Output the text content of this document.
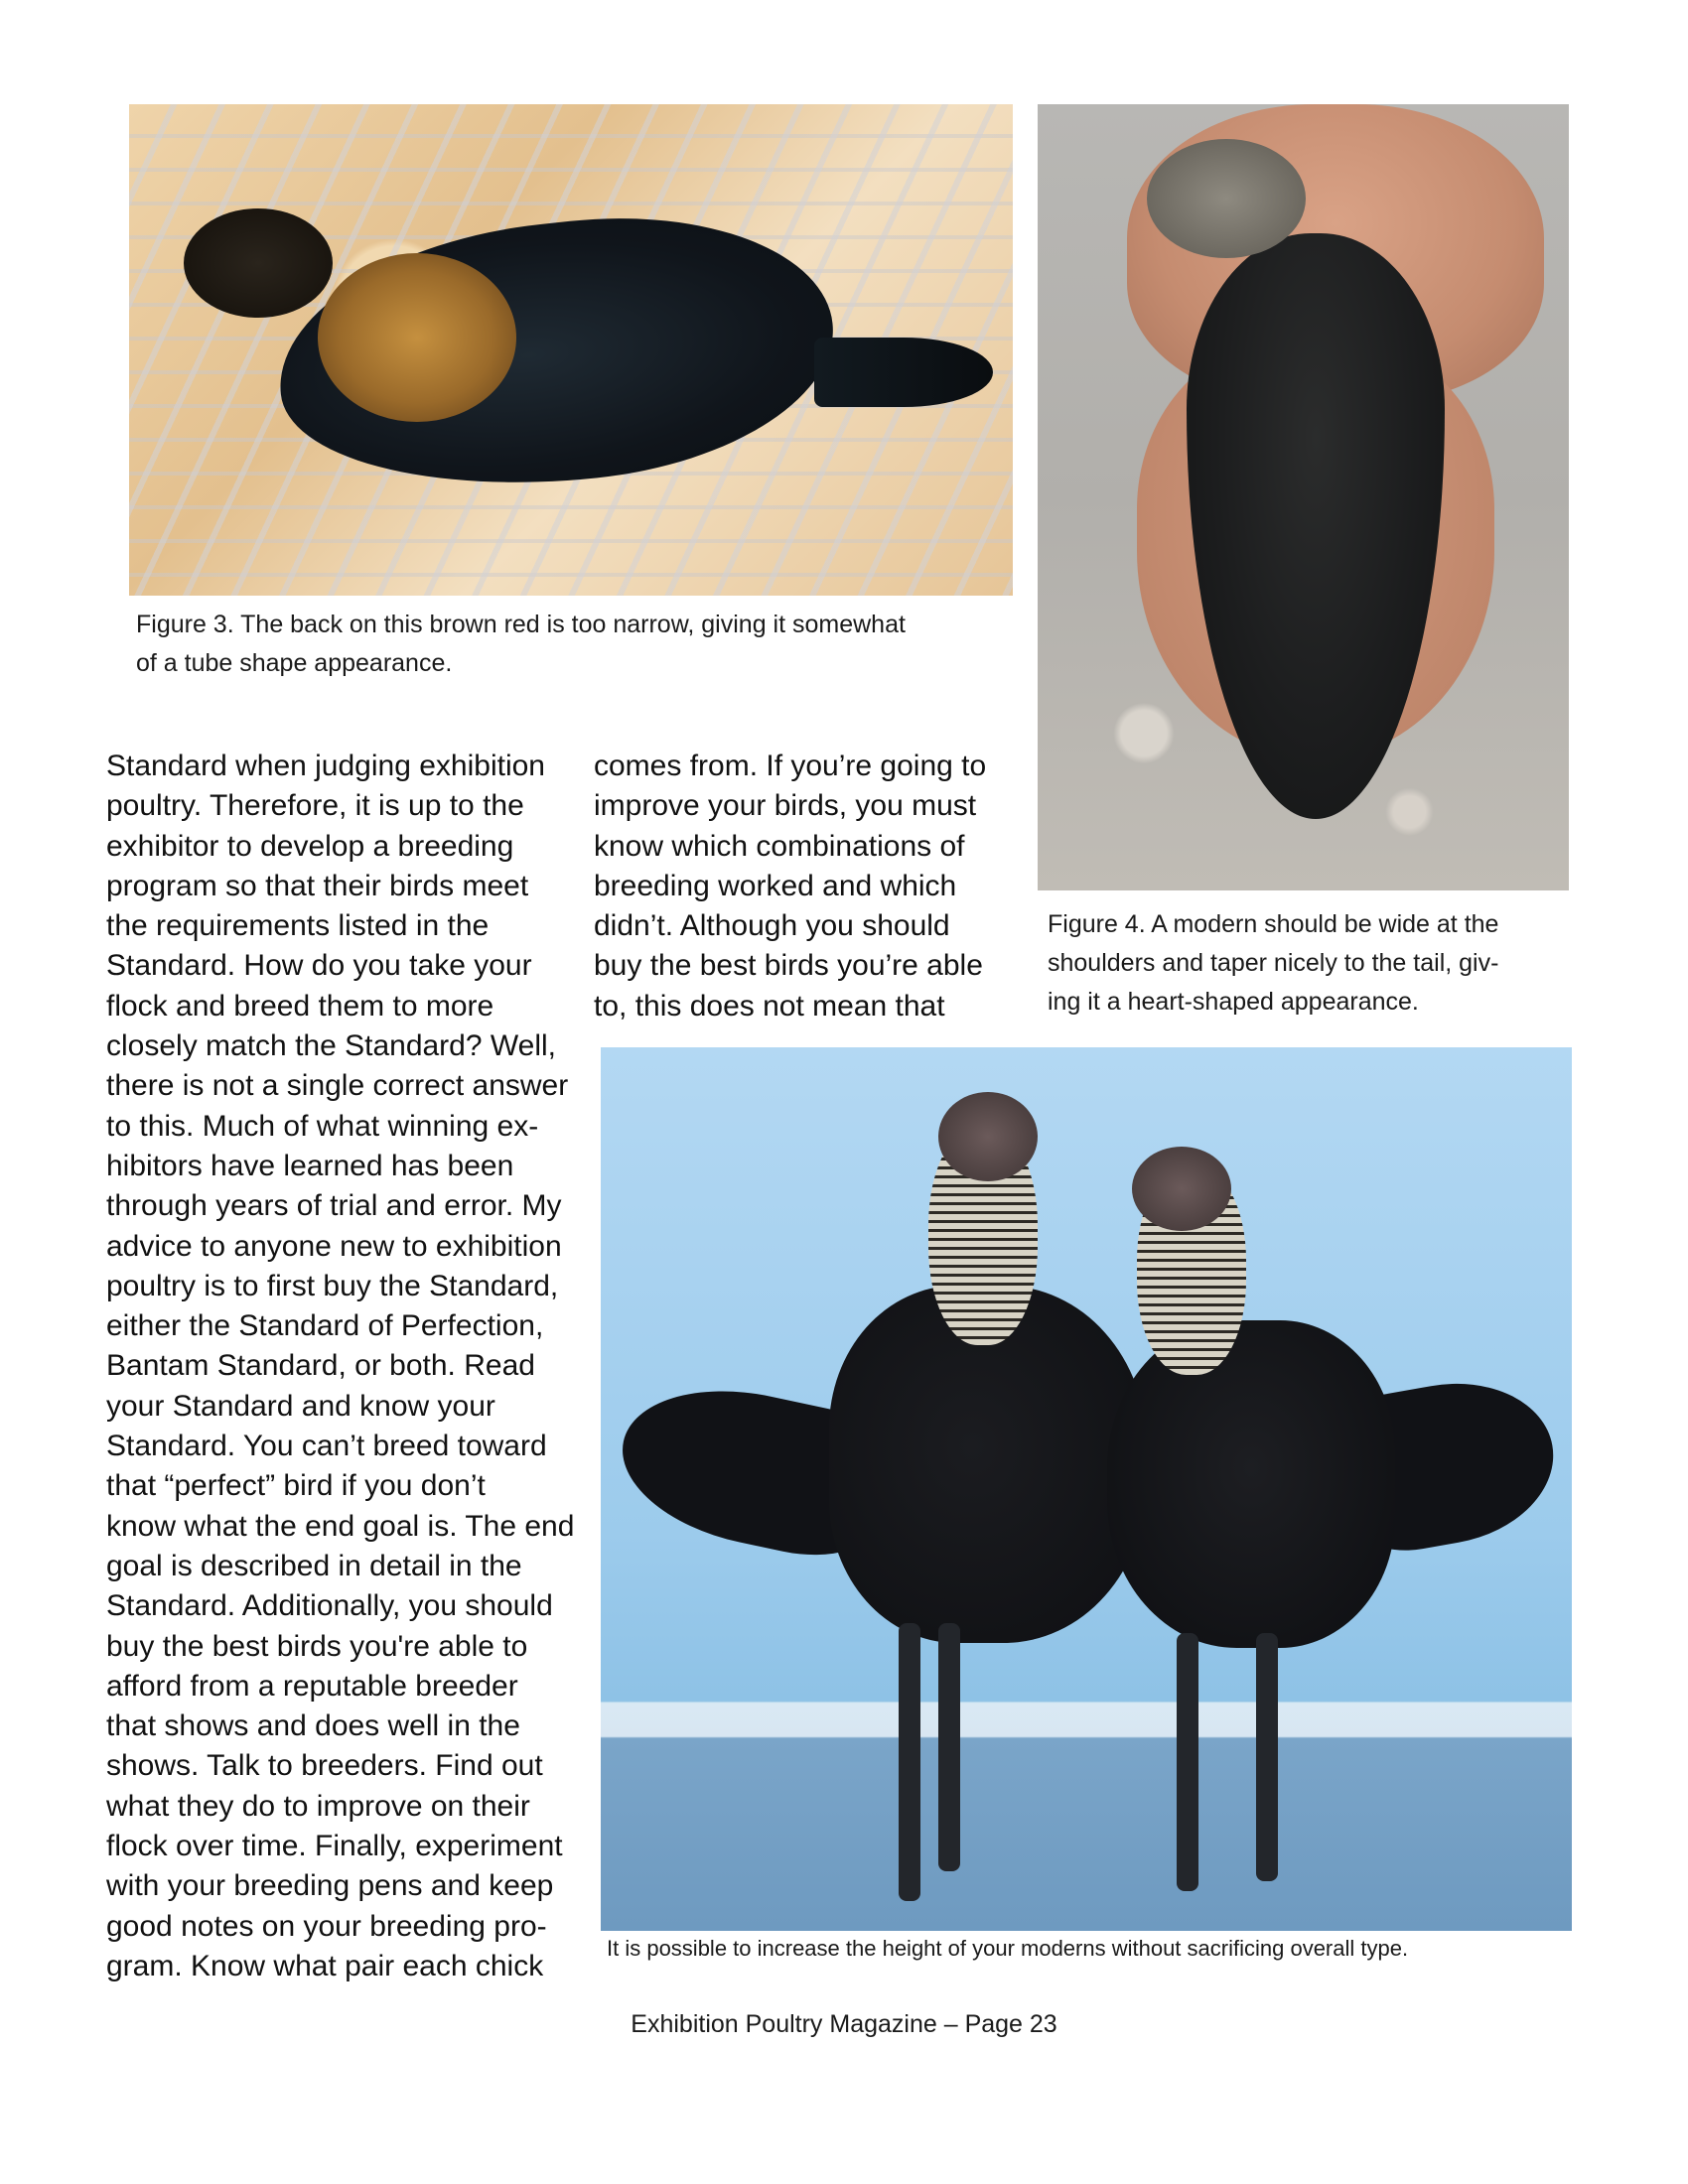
Figure 3. The back on this brown red is too narrow, giving it somewhat
of a tube shape appearance.
Figure 4. A modern should be wide at the
shoulders and taper nicely to the tail, giv-
ing it a heart-shaped appearance.
Standard when judging exhibition
poultry. Therefore, it is up to the
exhibitor to develop a breeding
program so that their birds meet
the requirements listed in the
Standard. How do you take your
flock and breed them to more
closely match the Standard? Well,
there is not a single correct answer
to this. Much of what winning ex-
hibitors have learned has been
through years of trial and error. My
advice to anyone new to exhibition
poultry is to first buy the Standard,
either the Standard of Perfection,
Bantam Standard, or both. Read
your Standard and know your
Standard. You can’t breed toward
that “perfect” bird if you don’t
know what the end goal is. The end
goal is described in detail in the
Standard. Additionally, you should
buy the best birds you're able to
afford from a reputable breeder
that shows and does well in the
shows. Talk to breeders. Find out
what they do to improve on their
flock over time. Finally, experiment
with your breeding pens and keep
good notes on your breeding pro-
gram. Know what pair each chick
comes from. If you’re going to
improve your birds, you must
know which combinations of
breeding worked and which
didn’t. Although you should
buy the best birds you’re able
to, this does not mean that
It is possible to increase the height of your moderns without sacrificing overall type.
Exhibition Poultry Magazine – Page 23
